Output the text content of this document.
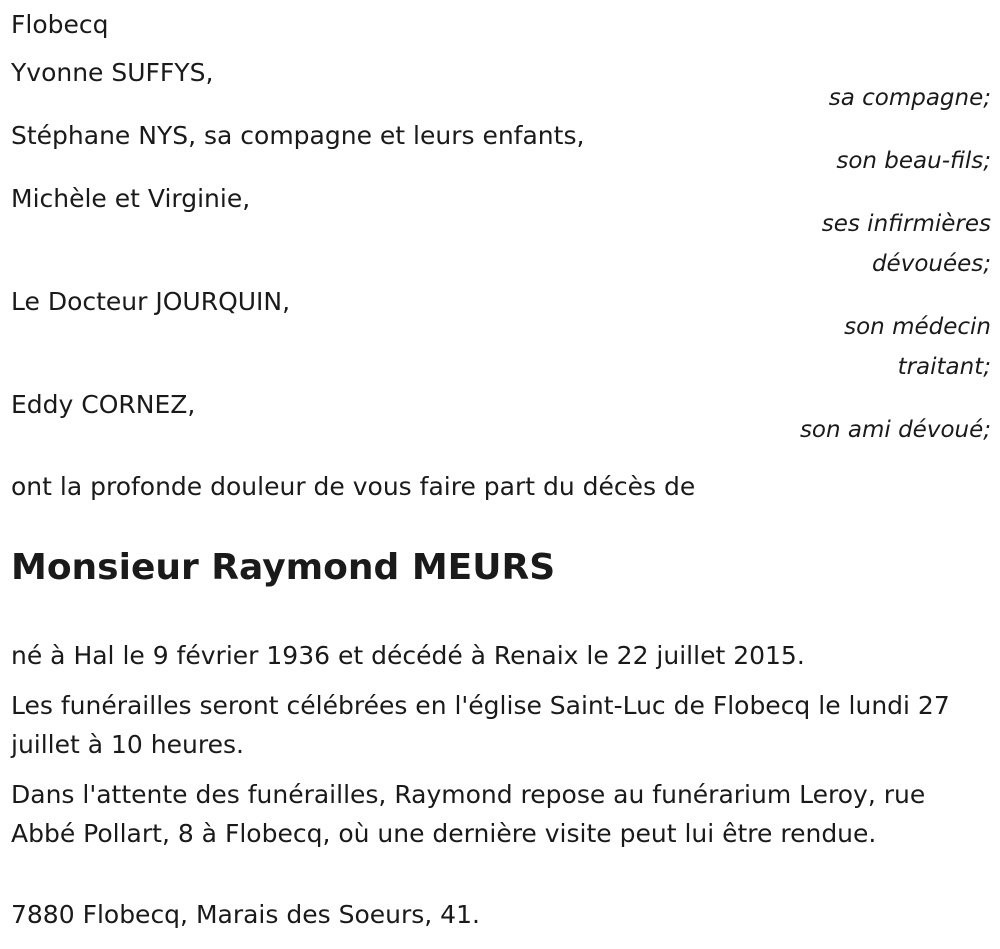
Flobecq
Yvonne SUFFYS,
sa compagne;
Stéphane NYS, sa compagne et leurs enfants,
son beau-fils;
Michèle et Virginie,
ses infirmières
dévouées;
Le Docteur JOURQUIN,
son médecin
traitant;
Eddy CORNEZ,
son ami dévoué;
ont la profonde douleur de vous faire part du décès de
Monsieur Raymond MEURS
né à Hal le 9 février 1936 et décédé à Renaix le 22 juillet 2015.
Les funérailles seront célébrées en l'église Saint-Luc de Flobecq le lundi 27 juillet à 10 heures.
Dans l'attente des funérailles, Raymond repose au funérarium Leroy, rue Abbé Pollart, 8 à Flobecq, où une dernière visite peut lui être rendue.
7880 Flobecq, Marais des Soeurs, 41.
